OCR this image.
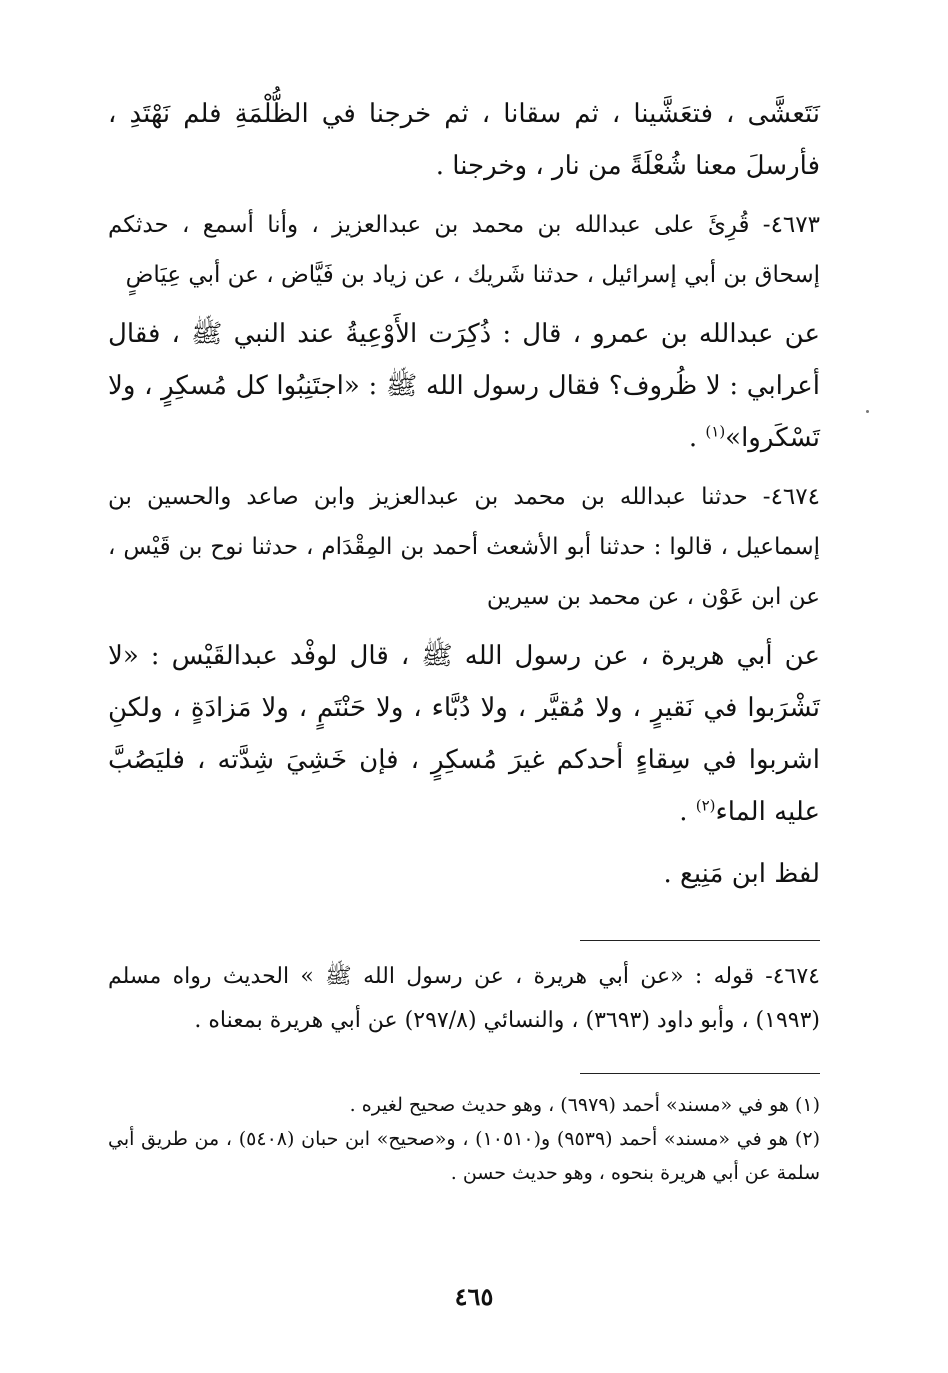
نَتَعشَّى ، فتعَشَّينا ، ثم سقانا ، ثم خرجنا في الظُّلْمَةِ فلم نَهْتَدِ ، فأرسلَ معنا شُعْلَةً من نار ، وخرجنا .

٤٦٧٣- قُرِئَ على عبدالله بن محمد بن عبدالعزيز ، وأنا أسمع ، حدثكم إسحاق بن أبي إسرائيل ، حدثنا شَريك ، عن زياد بن فَيَّاض ، عن أبي عِيَاضٍ

عن عبدالله بن عمرو ، قال : ذُكِرَت الأَوْعِيةُ عند النبي ﷺ ، فقال أعرابي : لا ظُروف؟ فقال رسول الله ﷺ : «اجتَنِبُوا كل مُسكِرٍ ، ولا تَسْكَروا»$^{(١)}$ .

٤٦٧٤- حدثنا عبدالله بن محمد بن عبدالعزيز وابن صاعد والحسين بن إسماعيل ، قالوا : حدثنا أبو الأشعث أحمد بن المِقْدَام ، حدثنا نوح بن قَيْس ، عن ابن عَوْن ، عن محمد بن سيرين

عن أبي هريرة ، عن رسول الله ﷺ ، قال لوفْد عبدالقَيْس : «لا تَشْرَبوا في نَقيرٍ ، ولا مُقيَّر ، ولا دُبَّاء ، ولا حَنْتَمٍ ، ولا مَزادَةٍ ، ولكنِ اشربوا في سِقاءٍ أحدكم غيرَ مُسكِرٍ ، فإن خَشِيَ شِدَّته ، فليَصُبَّ عليه الماء$^{(٢)}$ .

لفظ ابن مَنِيع .

٤٦٧٤- قوله : «عن أبي هريرة ، عن رسول الله ﷺ » الحديث رواه مسلم (١٩٩٣) ، وأبو داود (٣٦٩٣) ، والنسائي (٢٩٧/٨) عن أبي هريرة بمعناه .

(١) هو في «مسند» أحمد (٦٩٧٩) ، وهو حديث صحيح لغيره .

(٢) هو في «مسند» أحمد (٩٥٣٩) و(١٠٥١٠) ، و«صحيح» ابن حبان (٥٤٠٨) ، من طريق أبي سلمة عن أبي هريرة بنحوه ، وهو حديث حسن .

٤٦٥
